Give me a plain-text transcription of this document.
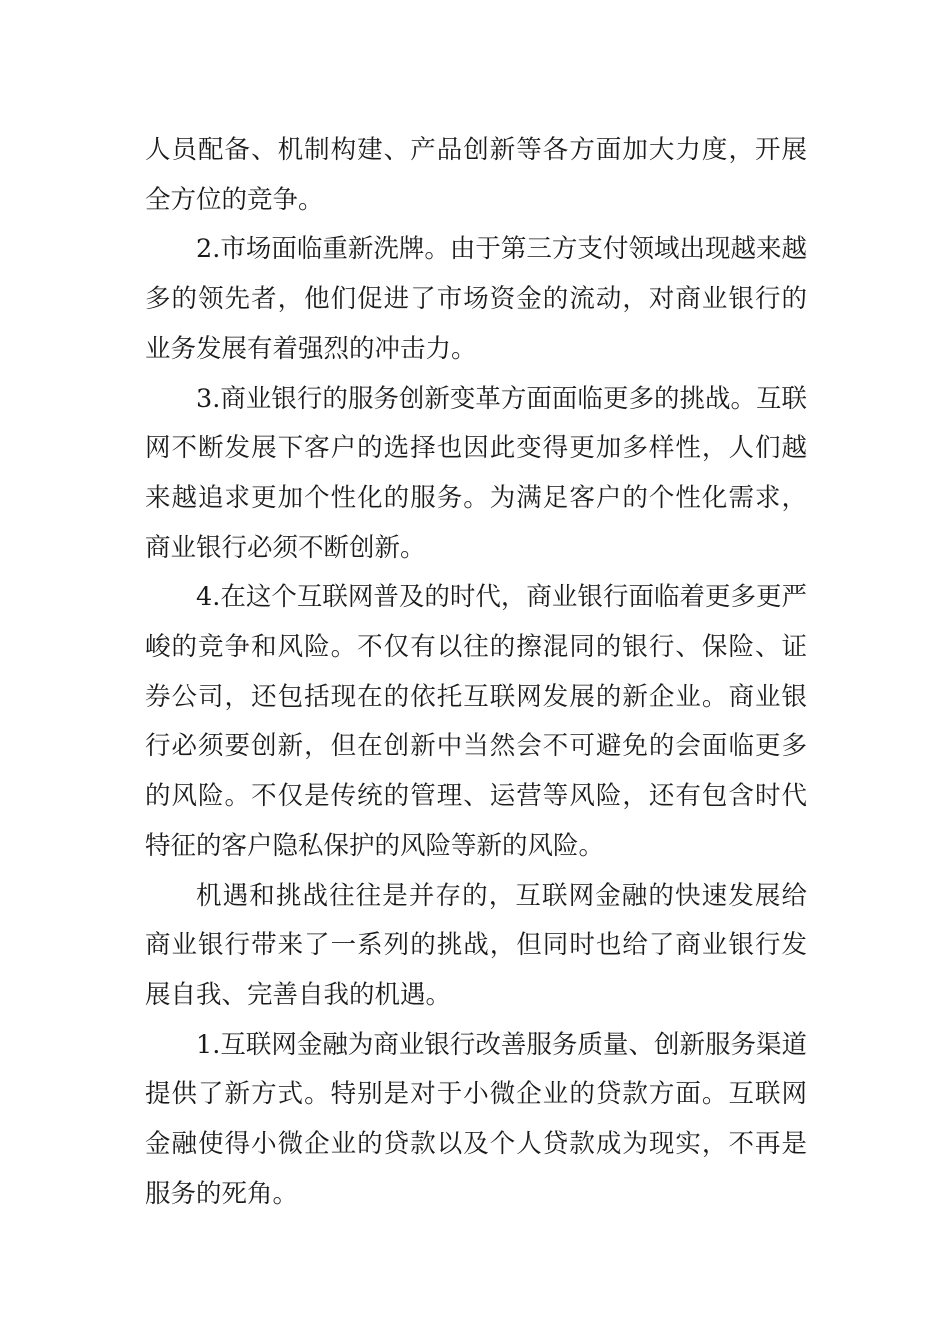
人员配备、机制构建、产品创新等各方面加大力度，开展全方位的竞争。

2.市场面临重新洗牌。由于第三方支付领域出现越来越多的领先者，他们促进了市场资金的流动，对商业银行的业务发展有着强烈的冲击力。

3.商业银行的服务创新变革方面面临更多的挑战。互联网不断发展下客户的选择也因此变得更加多样性，人们越来越追求更加个性化的服务。为满足客户的个性化需求，商业银行必须不断创新。

4.在这个互联网普及的时代，商业银行面临着更多更严峻的竞争和风险。不仅有以往的擦混同的银行、保险、证券公司，还包括现在的依托互联网发展的新企业。商业银行必须要创新，但在创新中当然会不可避免的会面临更多的风险。不仅是传统的管理、运营等风险，还有包含时代特征的客户隐私保护的风险等新的风险。

机遇和挑战往往是并存的，互联网金融的快速发展给商业银行带来了一系列的挑战，但同时也给了商业银行发展自我、完善自我的机遇。

1.互联网金融为商业银行改善服务质量、创新服务渠道提供了新方式。特别是对于小微企业的贷款方面。互联网金融使得小微企业的贷款以及个人贷款成为现实，不再是服务的死角。
